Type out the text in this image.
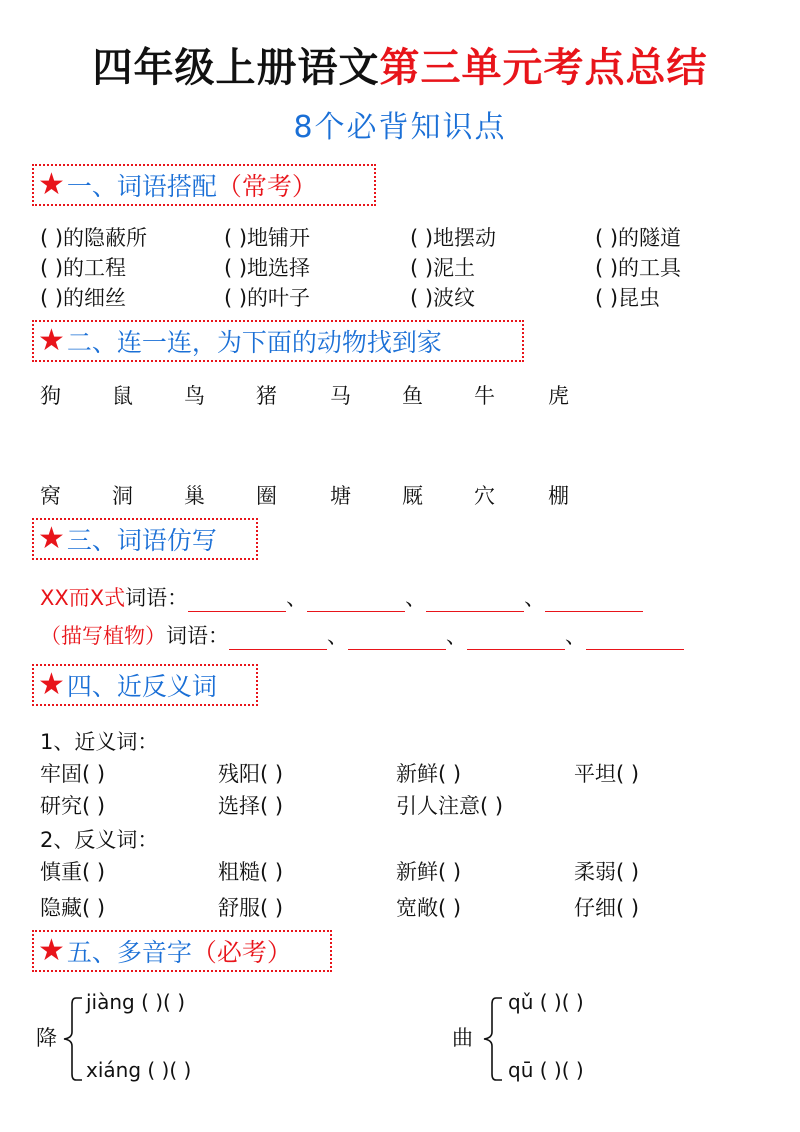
四年级上册语文第三单元考点总结
8个必背知识点
★ 一、词语搭配 （常考）
( )的隐蔽所	( )地铺开	( )地摆动	( )的隧道
( )的工程	( )地选择	( )泥土	( )的工具
( )的细丝	( )的叶子	( )波纹	( )昆虫
★ 二、连一连，为下面的动物找到家
狗 鼠 鸟 猪	马 鱼 牛	虎
窝 洞 巢 圈	塘 厩 穴	棚
★ 三、词语仿写
XX而X式词语：	、	、	、
（描写植物）词语：	、	、	、
★ 四、近反义词
1、近义词：
牢固( )	残阳( )	新鲜( )	平坦( )
研究( )	选择( )	引人注意( )
2、反义词：
慎重( )	粗糙( )	新鲜( )	柔弱( )
隐藏( )	舒服( )	宽敞( )	仔细( )
★ 五、多音字 （必考）
降
jiàng ( )( )
xiáng ( )( )
曲
qǔ ( )( )
qū ( )( )
